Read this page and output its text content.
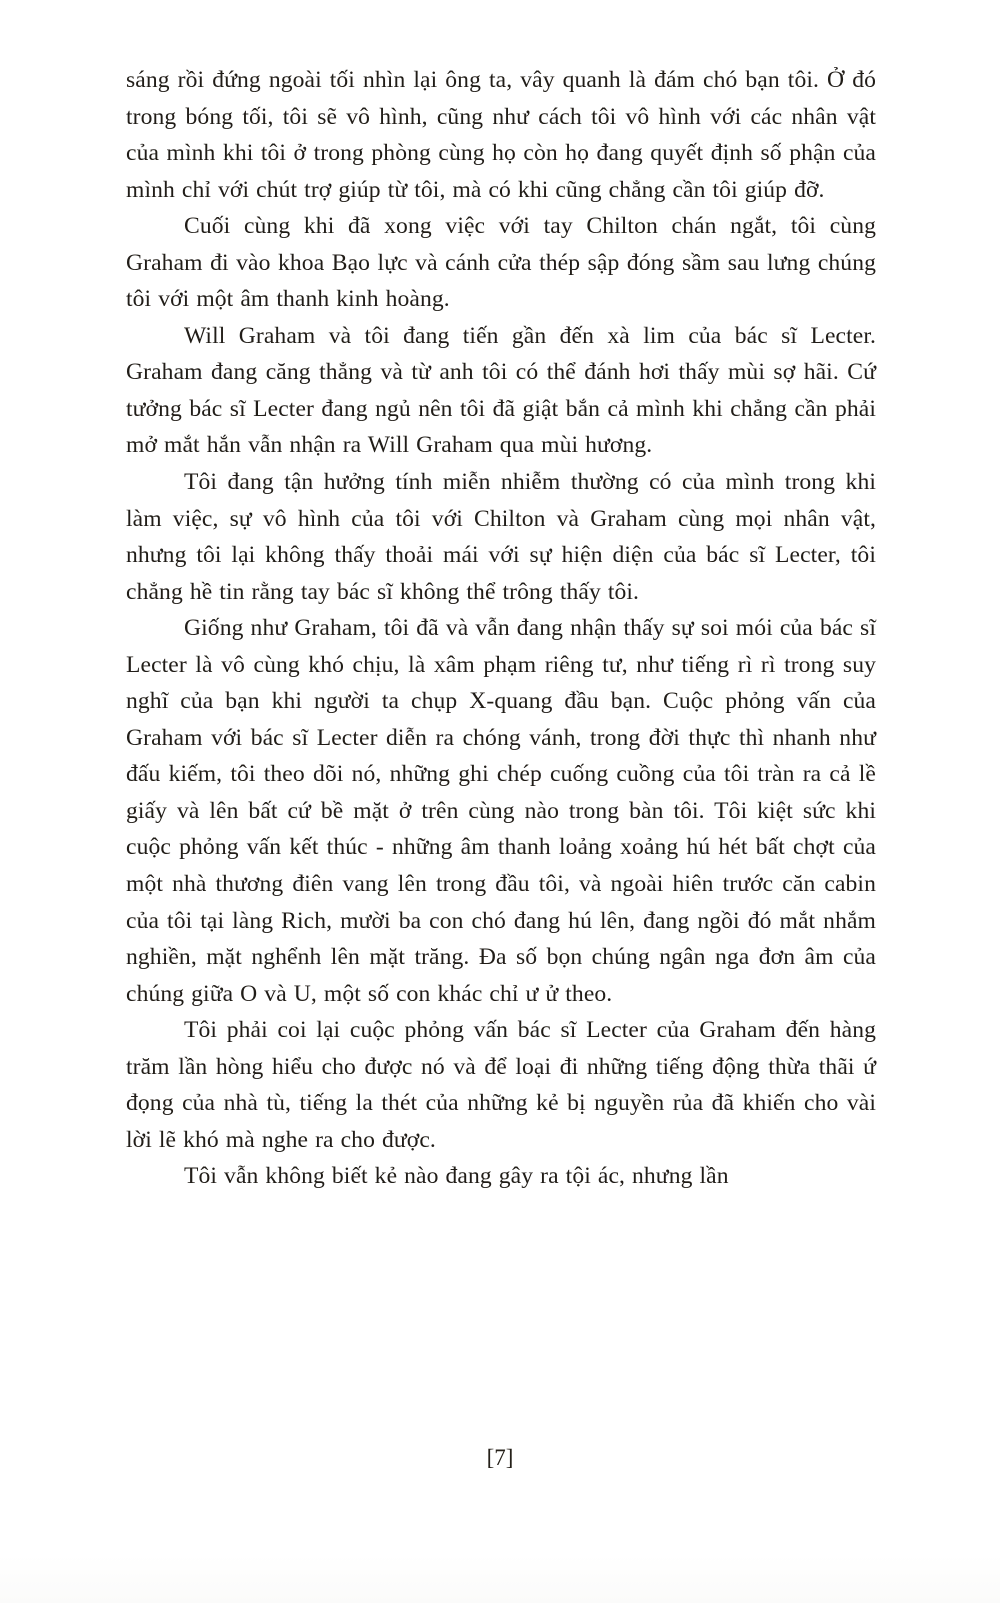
sáng rồi đứng ngoài tối nhìn lại ông ta, vây quanh là đám chó bạn tôi. Ở đó trong bóng tối, tôi sẽ vô hình, cũng như cách tôi vô hình với các nhân vật của mình khi tôi ở trong phòng cùng họ còn họ đang quyết định số phận của mình chỉ với chút trợ giúp từ tôi, mà có khi cũng chẳng cần tôi giúp đỡ.

Cuối cùng khi đã xong việc với tay Chilton chán ngắt, tôi cùng Graham đi vào khoa Bạo lực và cánh cửa thép sập đóng sầm sau lưng chúng tôi với một âm thanh kinh hoàng.

Will Graham và tôi đang tiến gần đến xà lim của bác sĩ Lecter. Graham đang căng thẳng và từ anh tôi có thể đánh hơi thấy mùi sợ hãi. Cứ tưởng bác sĩ Lecter đang ngủ nên tôi đã giật bắn cả mình khi chẳng cần phải mở mắt hắn vẫn nhận ra Will Graham qua mùi hương.

Tôi đang tận hưởng tính miễn nhiễm thường có của mình trong khi làm việc, sự vô hình của tôi với Chilton và Graham cùng mọi nhân vật, nhưng tôi lại không thấy thoải mái với sự hiện diện của bác sĩ Lecter, tôi chẳng hề tin rằng tay bác sĩ không thể trông thấy tôi.

Giống như Graham, tôi đã và vẫn đang nhận thấy sự soi mói của bác sĩ Lecter là vô cùng khó chịu, là xâm phạm riêng tư, như tiếng rì rì trong suy nghĩ của bạn khi người ta chụp X-quang đầu bạn. Cuộc phỏng vấn của Graham với bác sĩ Lecter diễn ra chóng vánh, trong đời thực thì nhanh như đấu kiếm, tôi theo dõi nó, những ghi chép cuống cuồng của tôi tràn ra cả lề giấy và lên bất cứ bề mặt ở trên cùng nào trong bàn tôi. Tôi kiệt sức khi cuộc phỏng vấn kết thúc - những âm thanh loảng xoảng hú hét bất chợt của một nhà thương điên vang lên trong đầu tôi, và ngoài hiên trước căn cabin của tôi tại làng Rich, mười ba con chó đang hú lên, đang ngồi đó mắt nhắm nghiền, mặt nghểnh lên mặt trăng. Đa số bọn chúng ngân nga đơn âm của chúng giữa O và U, một số con khác chỉ ư ử theo.

Tôi phải coi lại cuộc phỏng vấn bác sĩ Lecter của Graham đến hàng trăm lần hòng hiểu cho được nó và để loại đi những tiếng động thừa thãi ứ đọng của nhà tù, tiếng la thét của những kẻ bị nguyền rủa đã khiến cho vài lời lẽ khó mà nghe ra cho được.

Tôi vẫn không biết kẻ nào đang gây ra tội ác, nhưng lần

[7]
